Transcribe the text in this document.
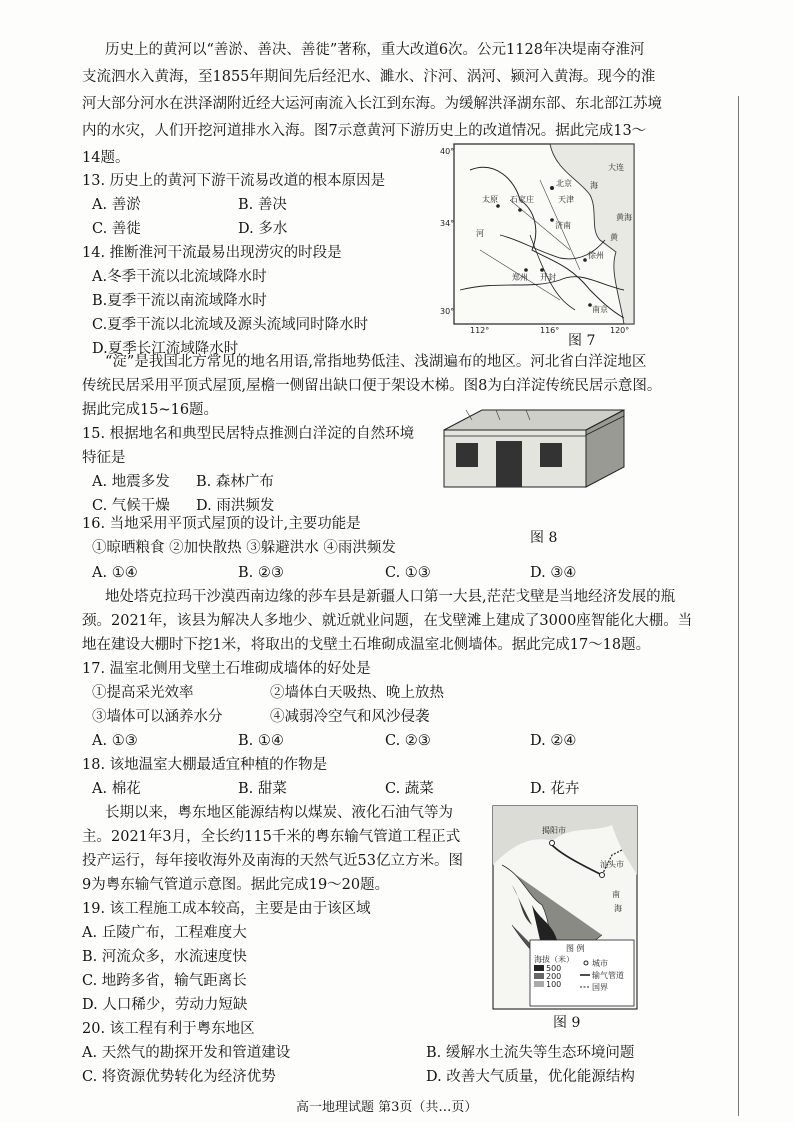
历史上的黄河以“善淤、善决、善徙”著称，重大改道6次。公元1128年决堤南夺淮河
支流泗水入黄海，至1855年期间先后经汜水、濉水、汴河、涡河、颍河入黄海。现今的淮
河大部分河水在洪泽湖附近经大运河南流入长江到东海。为缓解洪泽湖东部、东北部江苏境
内的水灾，人们开挖河道排水入海。图7示意黄河下游历史上的改道情况。据此完成13～
14题。
13. 历史上的黄河下游干流易改道的根本原因是
A. 善淤	B. 善决
C. 善徙	D. 多水
14. 推断淮河干流最易出现涝灾的时段是
A.冬季干流以北流域降水时
B.夏季干流以南流域降水时
C.夏季干流以北流域及源头流域同时降水时
D.夏季长江流域降水时
北京
天津
太原 石家庄
济南
郑州 开封
徐州
南京
大连
黄
海
河
黄海
40°
34°
30°
112°	116°	120°
图 7
“淀”是我国北方常见的地名用语,常指地势低洼、浅湖遍布的地区。河北省白洋淀地区
传统民居采用平顶式屋顶,屋檐一侧留出缺口便于架设木梯。图8为白洋淀传统民居示意图。
据此完成15~16题。
15. 根据地名和典型民居特点推测白洋淀的自然环境
特征是
A. 地震多发 B. 森林广布
C. 气候干燥 D. 雨洪频发
图 8
16. 当地采用平顶式屋顶的设计,主要功能是
①晾晒粮食 ②加快散热 ③躲避洪水 ④雨洪频发
A. ①④	B. ②③	C. ①③	D. ③④
地处塔克拉玛干沙漠西南边缘的莎车县是新疆人口第一大县,茫茫戈壁是当地经济发展的瓶
颈。2021年，该县为解决人多地少、就近就业问题，在戈壁滩上建成了3000座智能化大棚。当
地在建设大棚时下挖1米，将取出的戈壁土石堆砌成温室北侧墙体。据此完成17～18题。
17. 温室北侧用戈壁土石堆砌成墙体的好处是
①提高采光效率	②墙体白天吸热、晚上放热
③墙体可以涵养水分	④减弱冷空气和风沙侵袭
A. ①③	B. ①④	C. ②③	D. ②④
18. 该地温室大棚最适宜种植的作物是
A. 棉花	B. 甜菜	C. 蔬菜	D. 花卉
长期以来，粤东地区能源结构以煤炭、液化石油气等为
主。2021年3月，全长约115千米的粤东输气管道工程正式
投产运行，每年接收海外及南海的天然气近53亿立方米。图
9为粤东输气管道示意图。据此完成19～20题。
19. 该工程施工成本较高，主要是由于该区域
A. 丘陵广布，工程难度大
B. 河流众多，水流速度快
C. 地跨多省，输气距离长
D. 人口稀少，劳动力短缺
揭阳市
汕头市
南
海
图 例
海拔（米）
500
200
100
城市
输气管道
国界
图 9
20. 该工程有利于粤东地区
A. 天然气的勘探开发和管道建设	B. 缓解水土流失等生态环境问题
C. 将资源优势转化为经济优势	D. 改善大气质量，优化能源结构
高一地理试题 第3页（共…页）
